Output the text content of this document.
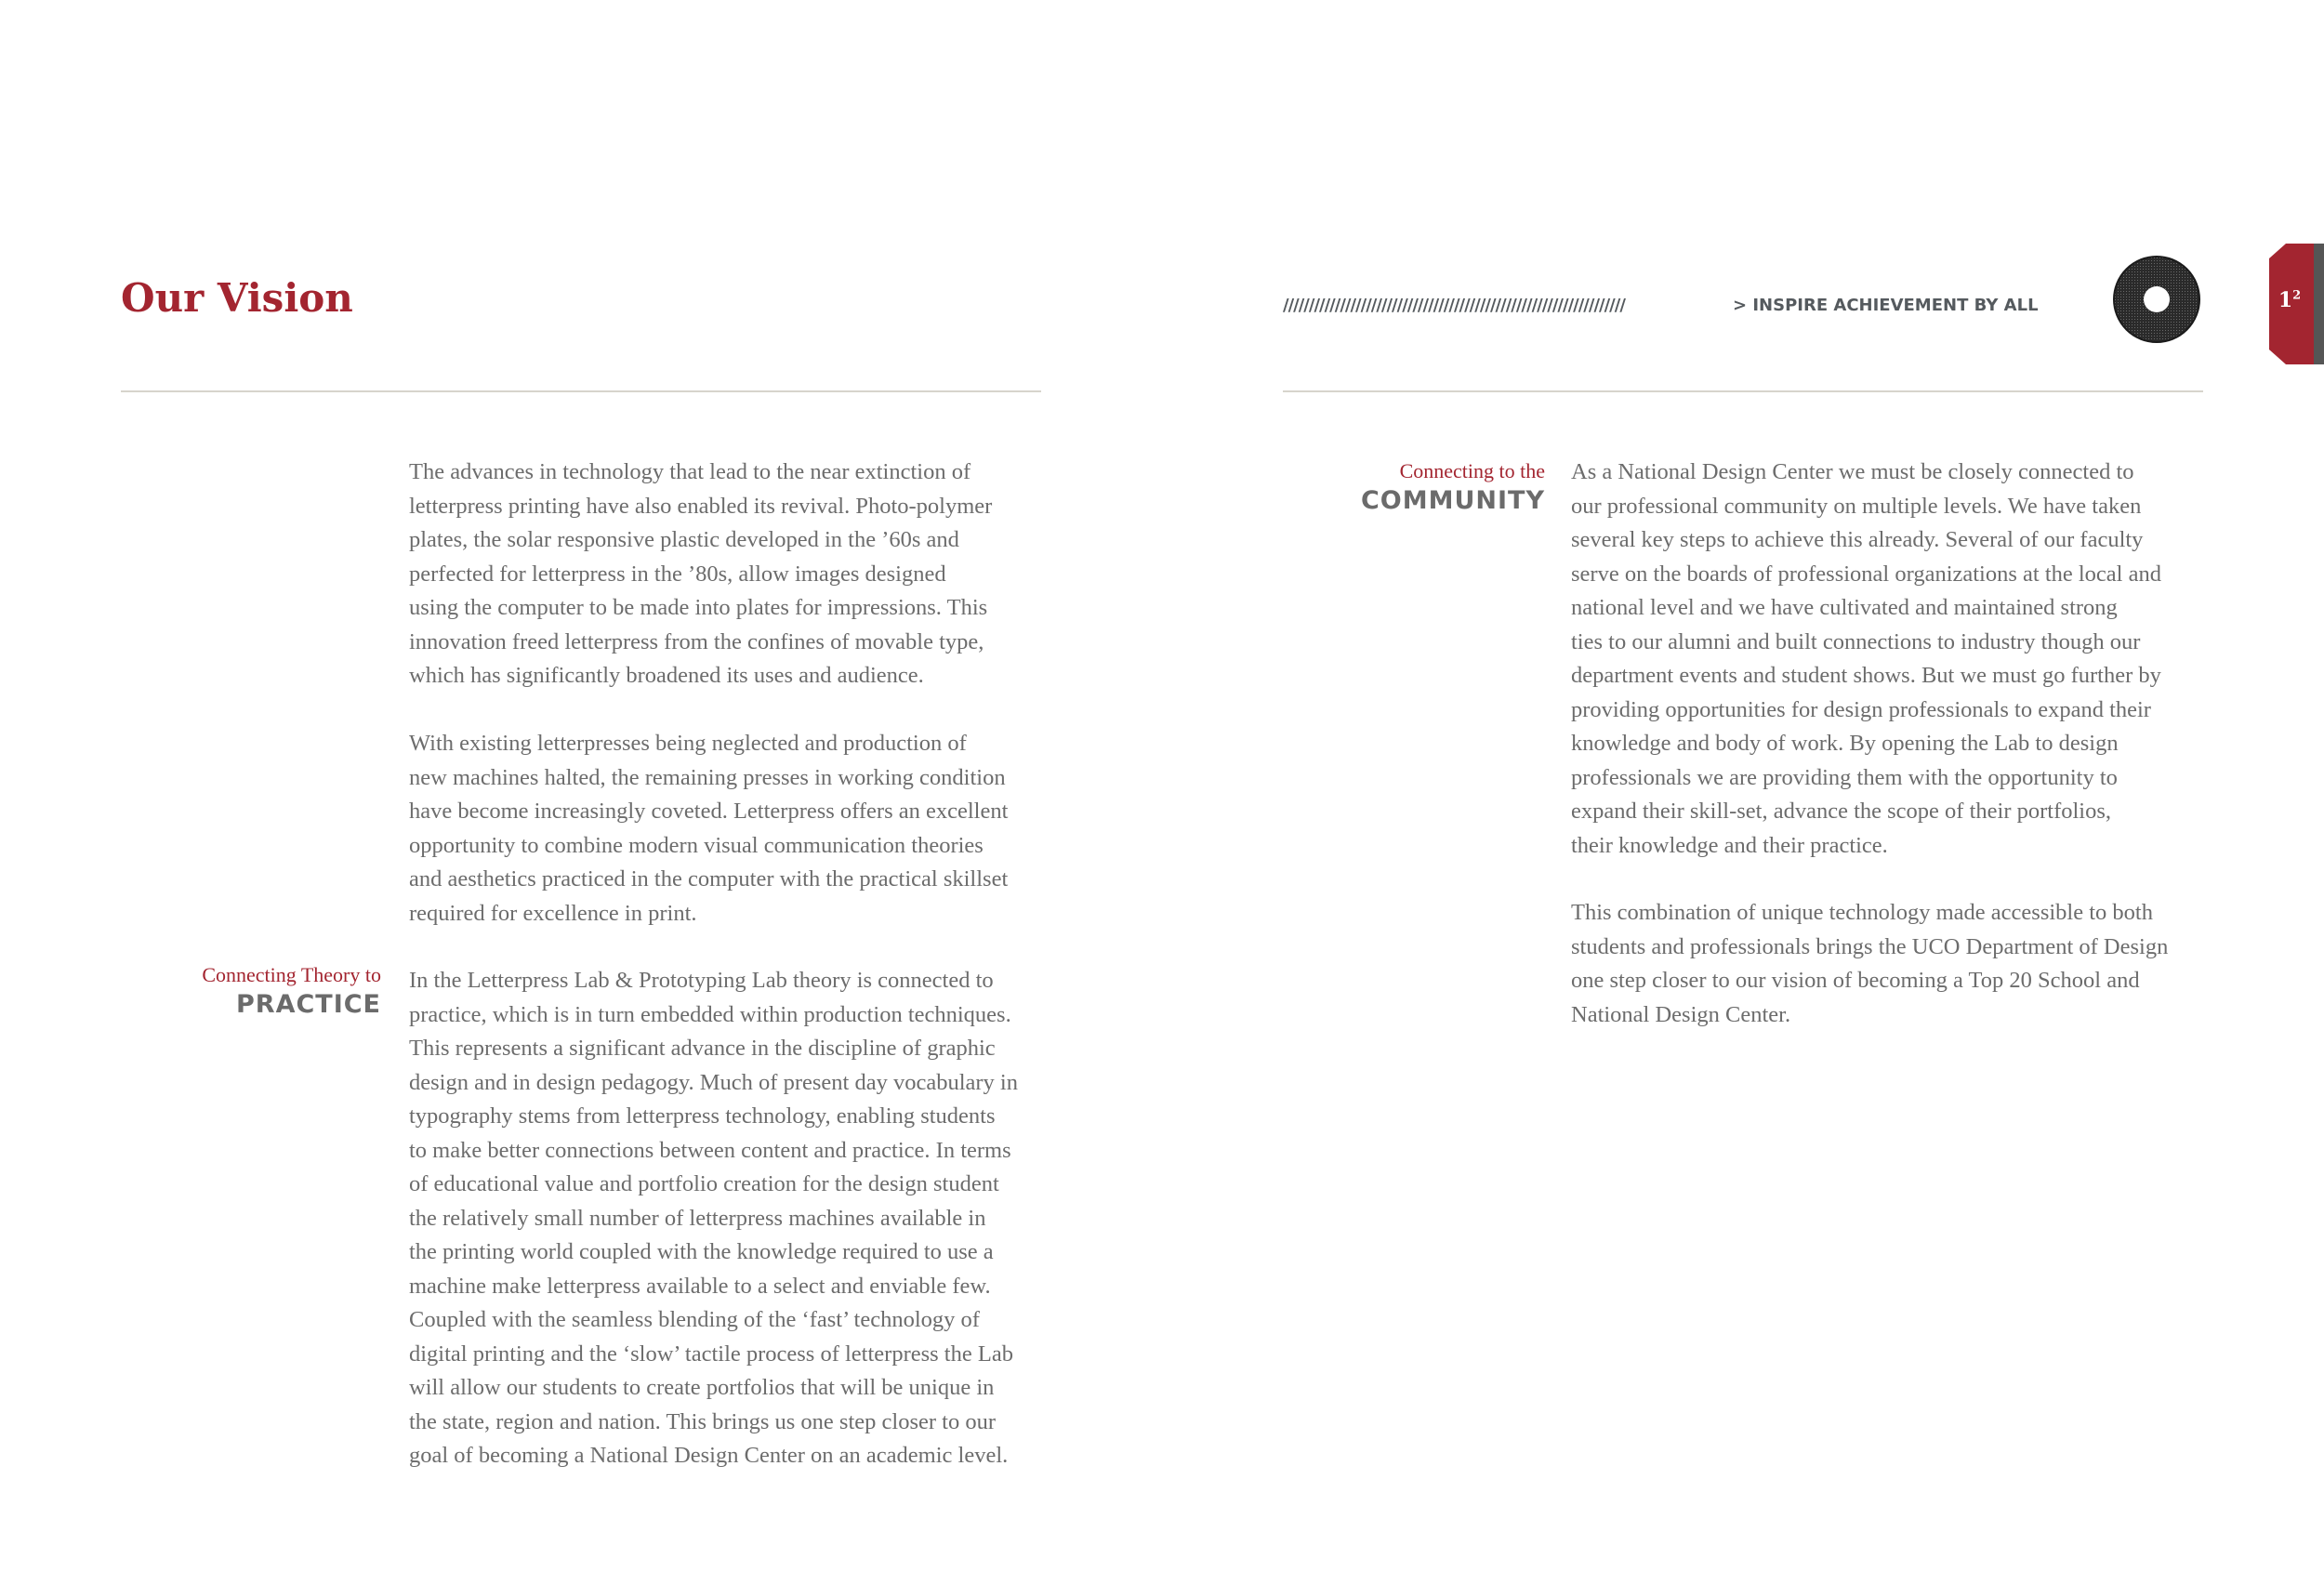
Our Vision	//////////////////////////////////////////////////////////////////	> INSPIRE ACHIEVEMENT BY ALL	$1^2$

The advances in technology that lead to the near extinction of
letterpress printing have also enabled its revival. Photo-polymer
plates, the solar responsive plastic developed in the ’60s and
perfected for letterpress in the ’80s, allow images designed
using the computer to be made into plates for impressions. This
innovation freed letterpress from the confines of movable type,
which has significantly broadened its uses and audience.

With existing letterpresses being neglected and production of
new machines halted, the remaining presses in working condition
have become increasingly coveted. Letterpress offers an excellent
opportunity to combine modern visual communication theories
and aesthetics practiced in the computer with the practical skillset
required for excellence in print.

Connecting Theory to
PRACTICE

In the Letterpress Lab & Prototyping Lab theory is connected to
practice, which is in turn embedded within production techniques.
This represents a significant advance in the discipline of graphic
design and in design pedagogy. Much of present day vocabulary in
typography stems from letterpress technology, enabling students
to make better connections between content and practice. In terms
of educational value and portfolio creation for the design student
the relatively small number of letterpress machines available in
the printing world coupled with the knowledge required to use a
machine make letterpress available to a select and enviable few.
Coupled with the seamless blending of the ‘fast’ technology of
digital printing and the ‘slow’ tactile process of letterpress the Lab
will allow our students to create portfolios that will be unique in
the state, region and nation. This brings us one step closer to our
goal of becoming a National Design Center on an academic level.

Connecting to the
COMMUNITY

As a National Design Center we must be closely connected to
our professional community on multiple levels. We have taken
several key steps to achieve this already. Several of our faculty
serve on the boards of professional organizations at the local and
national level and we have cultivated and maintained strong
ties to our alumni and built connections to industry though our
department events and student shows. But we must go further by
providing opportunities for design professionals to expand their
knowledge and body of work. By opening the Lab to design
professionals we are providing them with the opportunity to
expand their skill-set, advance the scope of their portfolios,
their knowledge and their practice.

This combination of unique technology made accessible to both
students and professionals brings the UCO Department of Design
one step closer to our vision of becoming a Top 20 School and
National Design Center.
